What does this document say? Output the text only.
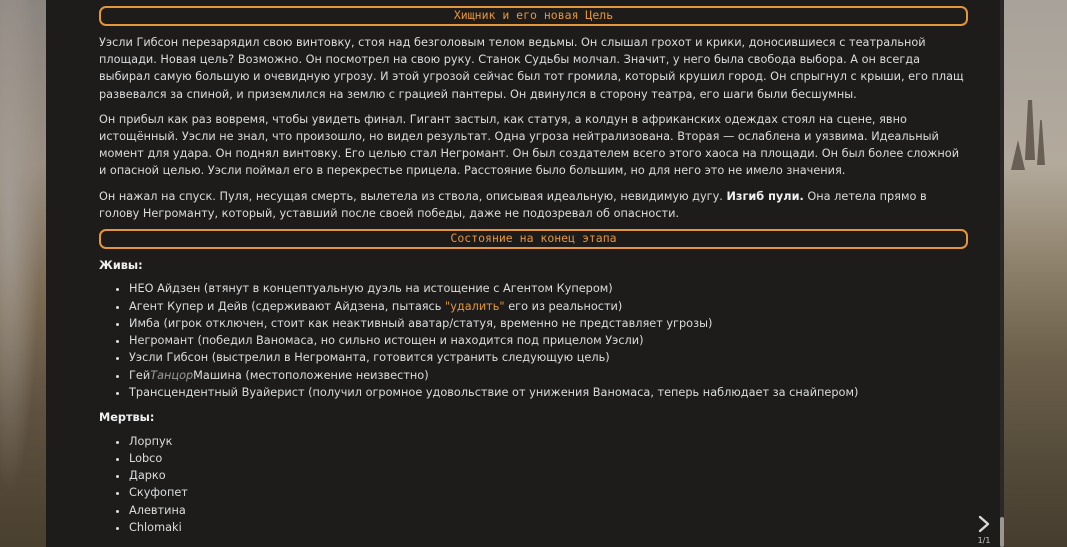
Хищник и его новая Цель

Уэсли Гибсон перезарядил свою винтовку, стоя над безголовым телом ведьмы. Он слышал грохот и крики, доносившиеся с театральной площади. Новая цель? Возможно. Он посмотрел на свою руку. Станок Судьбы молчал. Значит, у него была свобода выбора. А он всегда выбирал самую большую и очевидную угрозу. И этой угрозой сейчас был тот громила, который крушил город. Он спрыгнул с крыши, его плащ развевался за спиной, и приземлился на землю с грацией пантеры. Он двинулся в сторону театра, его шаги были бесшумны.

Он прибыл как раз вовремя, чтобы увидеть финал. Гигант застыл, как статуя, а колдун в африканских одеждах стоял на сцене, явно истощённый. Уэсли не знал, что произошло, но видел результат. Одна угроза нейтрализована. Вторая — ослаблена и уязвима. Идеальный момент для удара. Он поднял винтовку. Его целью стал Негромант. Он был создателем всего этого хаоса на площади. Он был более сложной и опасной целью. Уэсли поймал его в перекрестье прицела. Расстояние было большим, но для него это не имело значения.

Он нажал на спуск. Пуля, несущая смерть, вылетела из ствола, описывая идеальную, невидимую дугу. Изгиб пули. Она летела прямо в голову Негроманту, который, уставший после своей победы, даже не подозревал об опасности.

Состояние на конец этапа
Живы:
• НЕО Айдзен (втянут в концептуальную дуэль на истощение с Агентом Купером)
• Агент Купер и Дейв (сдерживают Айдзена, пытаясь "удалить" его из реальности)
• Имба (игрок отключен, стоит как неактивный аватар/статуя, временно не представляет угрозы)
• Негромант (победил Ваномаса, но сильно истощен и находится под прицелом Уэсли)
• Уэсли Гибсон (выстрелил в Негроманта, готовится устранить следующую цель)
• ГейТанцорМашина (местоположение неизвестно)
• Трансцендентный Вуайерист (получил огромное удовольствие от унижения Ваномаса, теперь наблюдает за снайпером)
Мертвы:
• Лорпук
• Lobco
• Дарко
• Скуфопет
• Алевтина
• Chlomaki
1/1
